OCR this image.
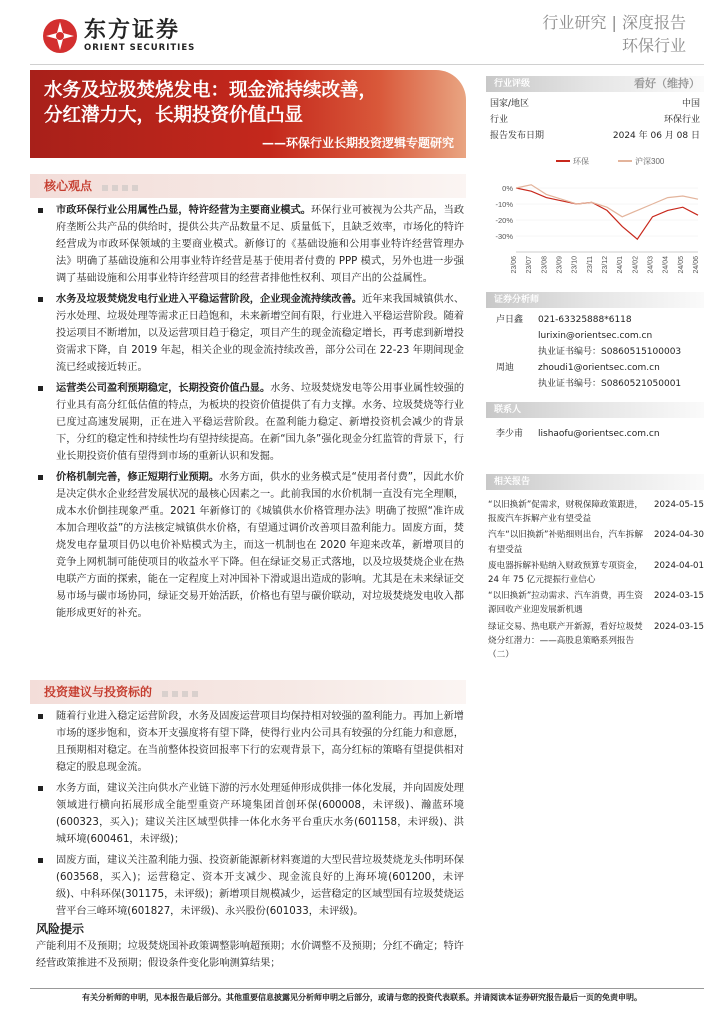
东方证券
ORIENT SECURITIES
行业研究 | 深度报告
环保行业
水务及垃圾焚烧发电：现金流持续改善，
分红潜力大，长期投资价值凸显
——环保行业长期投资逻辑专题研究
核心观点
市政环保行业公用属性凸显，特许经营为主要商业模式。环保行业可被视为公共产品，当政府垄断公共产品的供给时，提供公共产品数量不足、质量低下，且缺乏效率，市场化的特许经营成为市政环保领域的主要商业模式。新修订的《基础设施和公用事业特许经营管理办法》明确了基础设施和公用事业特许经营是基于使用者付费的 PPP 模式，另外也进一步强调了基础设施和公用事业特许经营项目的经营者排他性权利、项目产出的公益属性。
水务及垃圾焚烧发电行业进入平稳运营阶段，企业现金流持续改善。近年来我国城镇供水、污水处理、垃圾处理等需求正日趋饱和，未来新增空间有限，行业进入平稳运营阶段。随着投运项目不断增加，以及运营项目趋于稳定，项目产生的现金流稳定增长，再考虑到新增投资需求下降，自 2019 年起，相关企业的现金流持续改善，部分公司在 22-23 年期间现金流已经或接近转正。
运营类公司盈利预期稳定，长期投资价值凸显。水务、垃圾焚烧发电等公用事业属性较强的行业具有高分红低估值的特点，为板块的投资价值提供了有力支撑。水务、垃圾焚烧等行业已度过高速发展期，正在进入平稳运营阶段。在盈利能力稳定、新增投资机会减少的背景下，分红的稳定性和持续性均有望持续提高。在新“国九条”强化现金分红监管的背景下，行业长期投资价值有望得到市场的重新认识和发掘。
价格机制完善，修正短期行业预期。水务方面，供水的业务模式是“使用者付费”，因此水价是决定供水企业经营发展状况的最核心因素之一。此前我国的水价机制一直没有完全理顺，成本水价倒挂现象严重。2021 年新修订的《城镇供水价格管理办法》明确了按照“准许成本加合理收益”的方法核定城镇供水价格，有望通过调价改善项目盈利能力。固废方面，焚烧发电存量项目仍以电价补贴模式为主，而这一机制也在 2020 年迎来改革，新增项目的竞争上网机制可能使项目的收益水平下降。但在绿证交易正式落地，以及垃圾焚烧企业在热电联产方面的探索，能在一定程度上对冲国补下滑或退出造成的影响。尤其是在未来绿证交易市场与碳市场协同，绿证交易开始活跃，价格也有望与碳价联动，对垃圾焚烧发电收入都能形成更好的补充。
投资建议与投资标的
随着行业进入稳定运营阶段，水务及固废运营项目均保持相对较强的盈利能力。再加上新增市场的逐步饱和，资本开支强度将有望下降，使得行业内公司具有较强的分红能力和意愿，且预期相对稳定。在当前整体投资回报率下行的宏观背景下，高分红标的策略有望提供相对稳定的股息现金流。
水务方面，建议关注向供水产业链下游的污水处理延伸形成供排一体化发展，并向固废处理领域进行横向拓展形成全能型重资产环境集团首创环保(600008，未评级)、瀚蓝环境(600323，买入)；建议关注区域型供排一体化水务平台重庆水务(601158，未评级)、洪城环境(600461，未评级)；
固废方面，建议关注盈利能力强、投资新能源新材料赛道的大型民营垃圾焚烧龙头伟明环保(603568，买入)；运营稳定、资本开支减少、现金流良好的上海环境(601200，未评级)、中科环保(301175，未评级)；新增项目规模减少，运营稳定的区域型国有垃圾焚烧运营平台三峰环境(601827，未评级)、永兴股份(601033，未评级)。
风险提示
产能利用不及预期；垃圾焚烧国补政策调整影响超预期；水价调整不及预期；分红不确定；特许经营政策推进不及预期；假设条件变化影响测算结果；
有关分析师的申明，见本报告最后部分。其他重要信息披露见分析师申明之后部分，或请与您的投资代表联系。并请阅读本证券研究报告最后一页的免责申明。
行业评级	看好（维持）
国家/地区	中国
行业	环保行业
报告发布日期	2024 年 06 月 08 日
环保	沪深300
-30%
-20%
-10%
0%
23/06 23/07 23/08 23/09 23/10 23/11 23/12 24/01 24/02 24/03 24/04 24/05 24/06
证券分析师
卢日鑫	021-63325888*6118
lurixin@orientsec.com.cn
执业证书编号：S0860515100003
周迪	zhoudi1@orientsec.com.cn
执业证书编号：S0860521050001
联系人
李少甫	lishaofu@orientsec.com.cn
相关报告
“以旧换新”促需求，财税保障政策跟进，报废汽车拆解产业有望受益
2024-05-15
汽车“以旧换新”补贴细则出台，汽车拆解有望受益
2024-04-30
废电器拆解补贴纳入财政预算专项资金，24 年 75 亿元提振行业信心
2024-04-01
“以旧换新”拉动需求、汽车消费，再生资源回收产业迎发展新机遇
2024-03-15
绿证交易、热电联产开新源，看好垃圾焚烧分红潜力：——高股息策略系列报告（二）
2024-03-15
